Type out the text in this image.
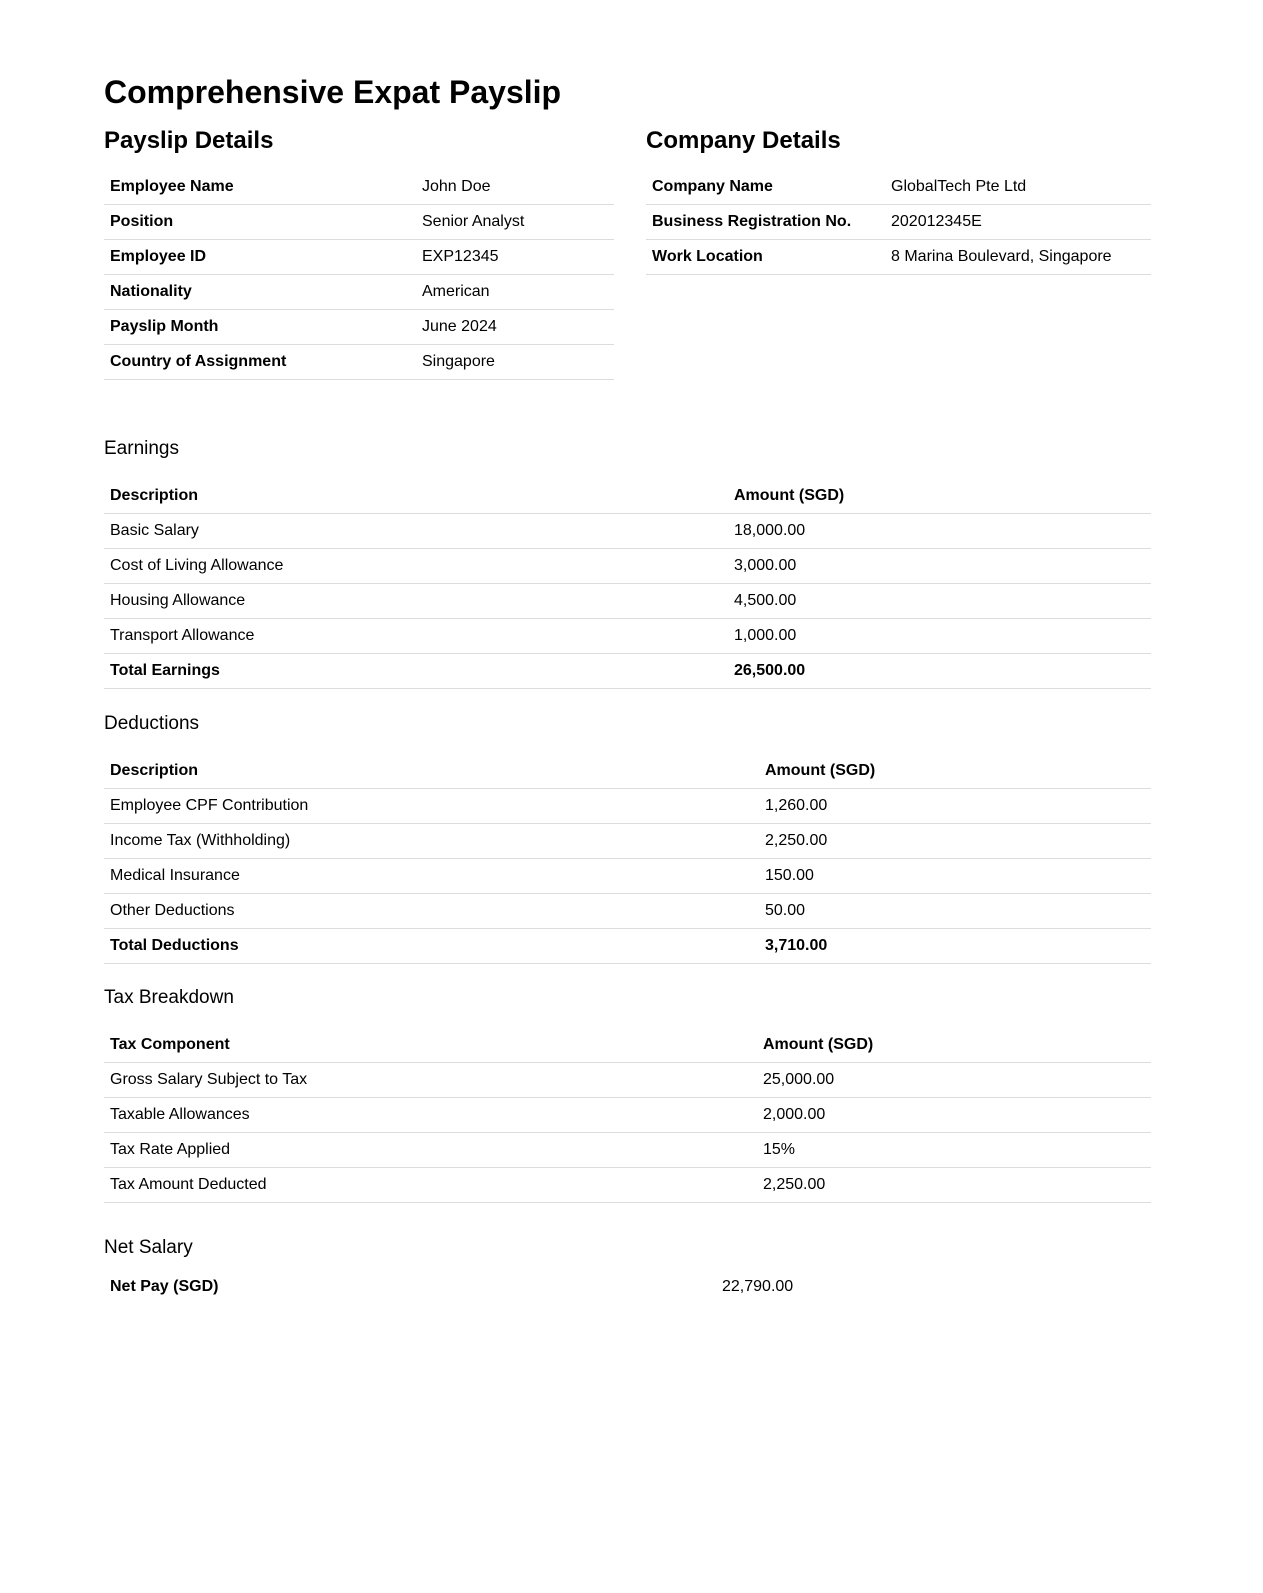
Comprehensive Expat Payslip
Payslip Details
Employee Name	John Doe
Position	Senior Analyst
Employee ID	EXP12345
Nationality	American
Payslip Month	June 2024
Country of Assignment	Singapore
Company Details
Company Name	GlobalTech Pte Ltd
Business Registration No.	202012345E
Work Location	8 Marina Boulevard, Singapore
Earnings
Description	Amount (SGD)
Basic Salary	18,000.00
Cost of Living Allowance	3,000.00
Housing Allowance	4,500.00
Transport Allowance	1,000.00
Total Earnings	26,500.00
Deductions
Description	Amount (SGD)
Employee CPF Contribution	1,260.00
Income Tax (Withholding)	2,250.00
Medical Insurance	150.00
Other Deductions	50.00
Total Deductions	3,710.00
Tax Breakdown
Tax Component	Amount (SGD)
Gross Salary Subject to Tax	25,000.00
Taxable Allowances	2,000.00
Tax Rate Applied	15%
Tax Amount Deducted	2,250.00
Net Salary
Net Pay (SGD)	22,790.00
